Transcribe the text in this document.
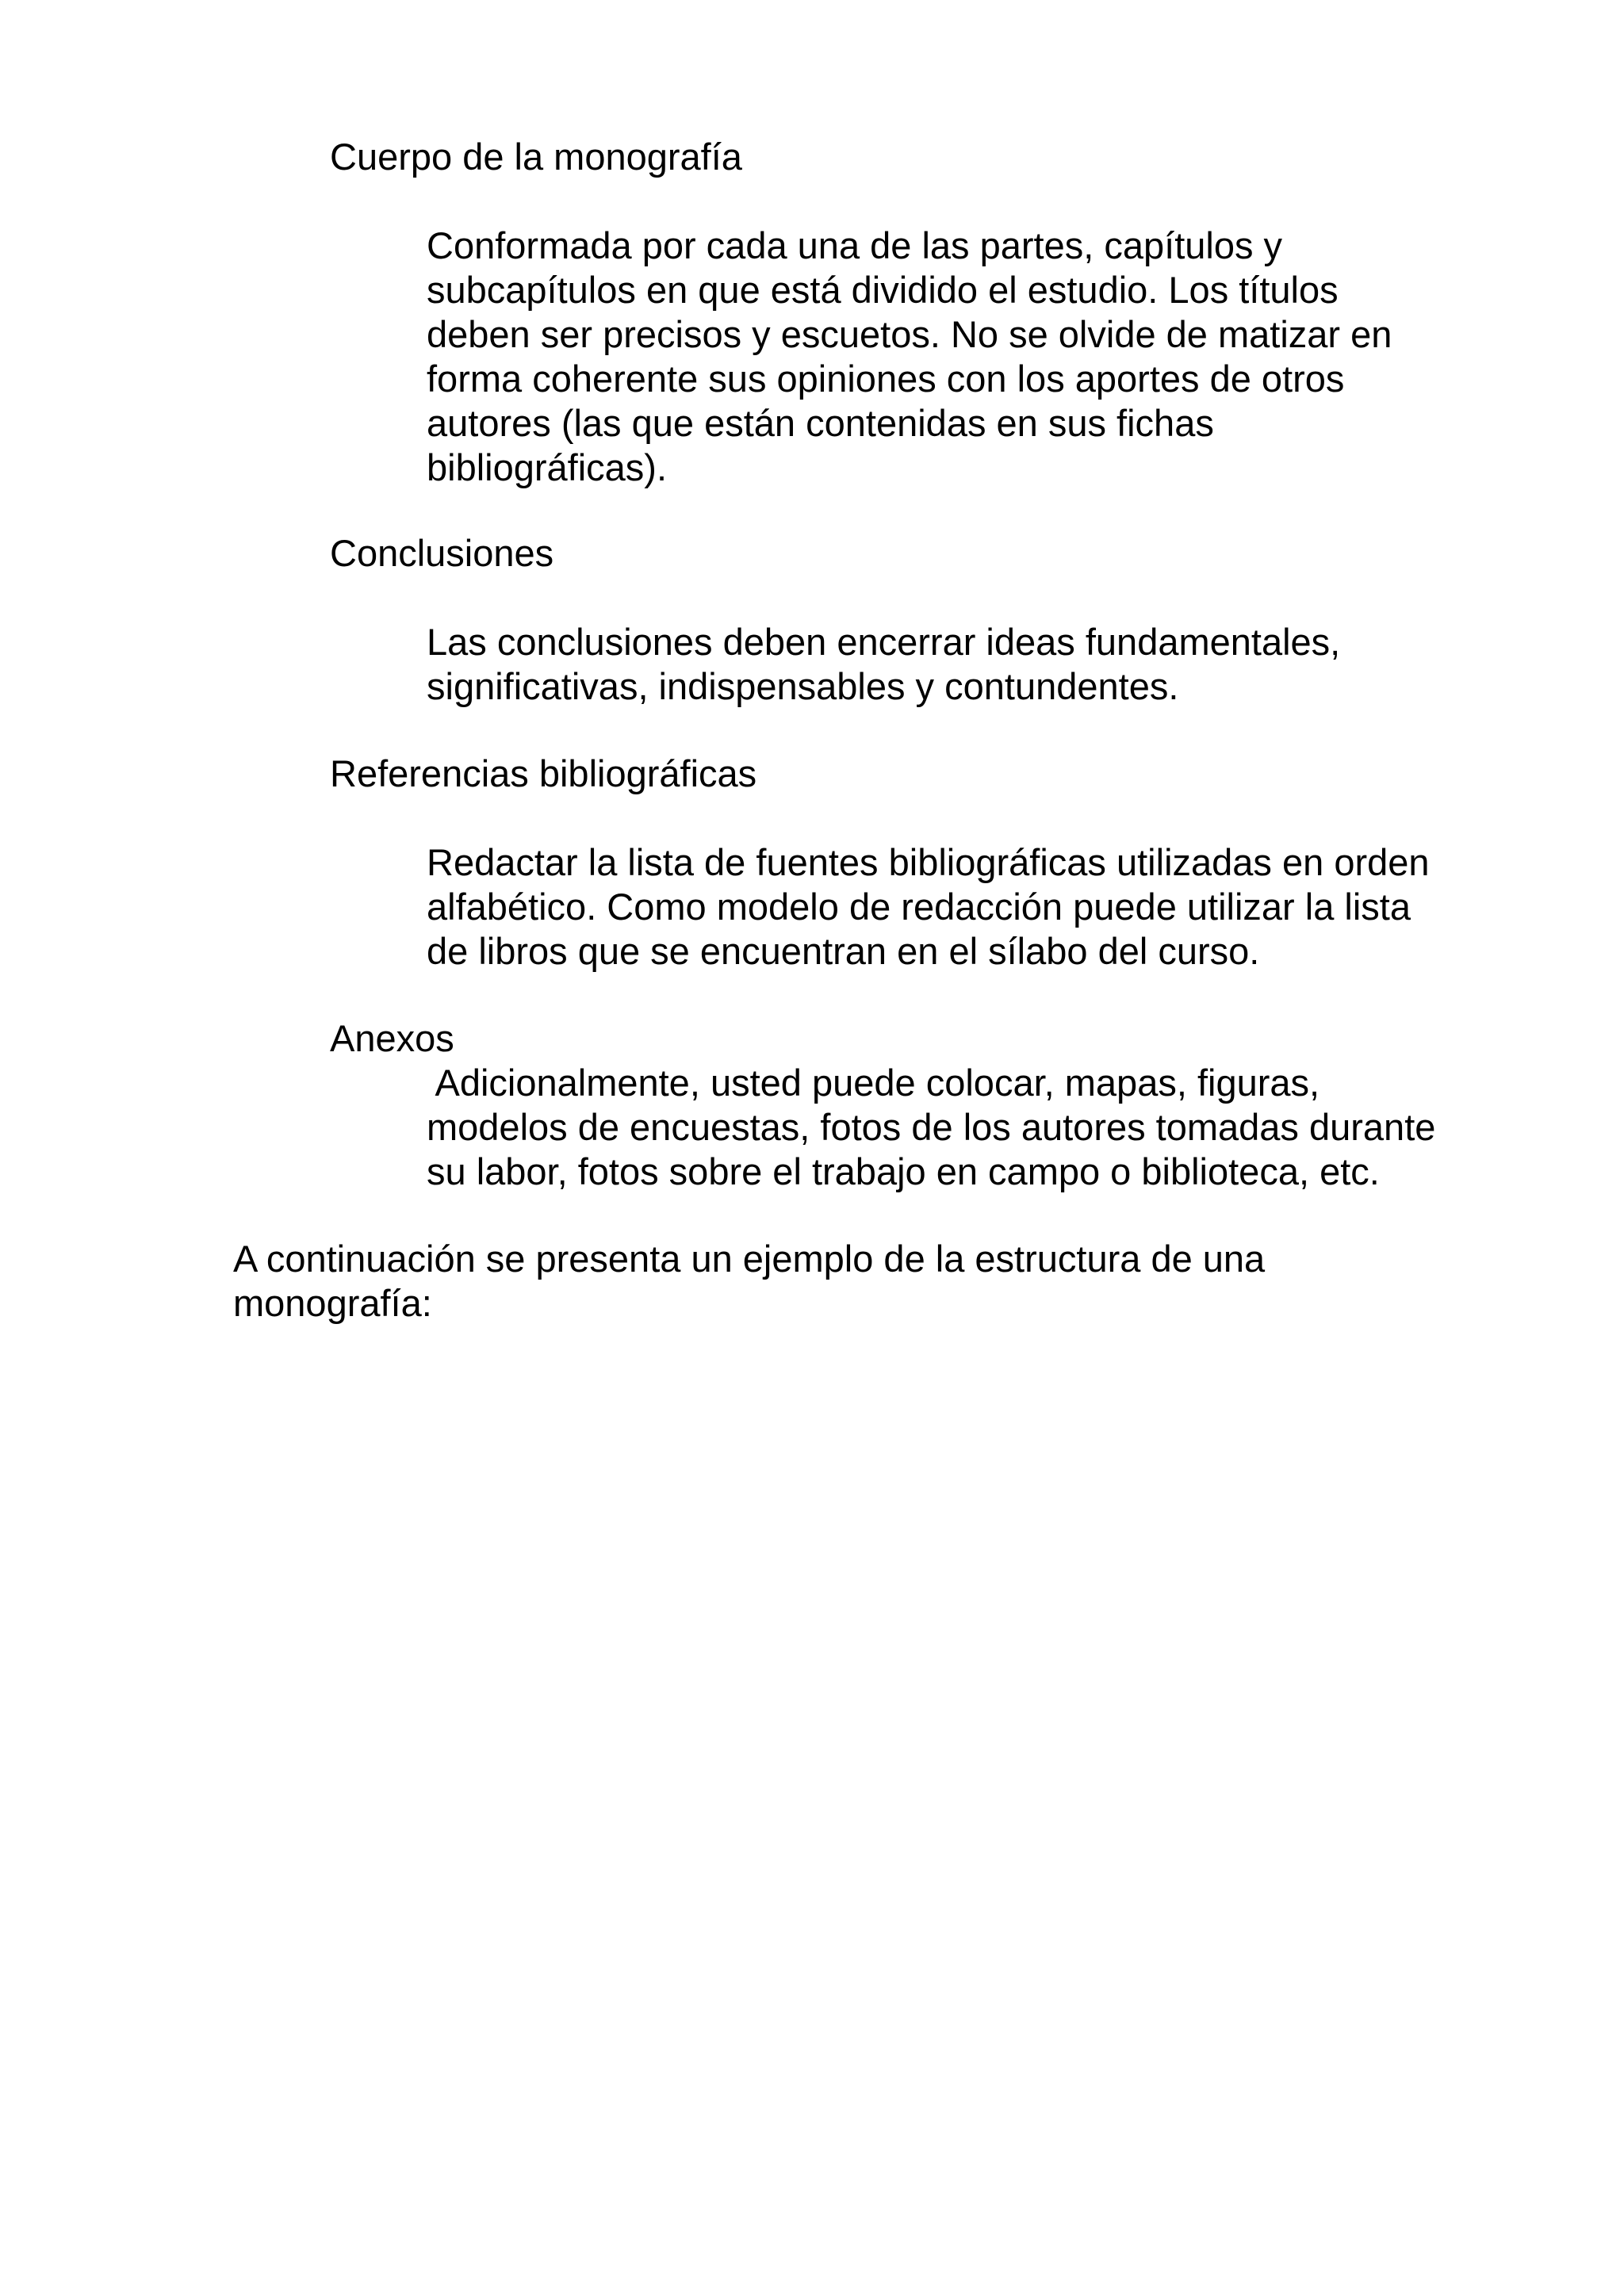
Cuerpo de la monografía

Conformada por cada una de las partes, capítulos y
subcapítulos en que está dividido el estudio. Los títulos
deben ser precisos y escuetos. No se olvide de matizar en
forma coherente sus opiniones con los aportes de otros
autores (las que están contenidas en sus fichas
bibliográficas).

Conclusiones

Las conclusiones deben encerrar ideas fundamentales,
significativas, indispensables y contundentes.

Referencias bibliográficas

Redactar la lista de fuentes bibliográficas utilizadas en orden
alfabético. Como modelo de redacción puede utilizar la lista
de libros que se encuentran en el sílabo del curso.

Anexos

Adicionalmente, usted puede colocar, mapas, figuras,
modelos de encuestas, fotos de los autores tomadas durante
su labor, fotos sobre el trabajo en campo o biblioteca, etc.

A continuación se presenta un ejemplo de la estructura de una
monografía:
